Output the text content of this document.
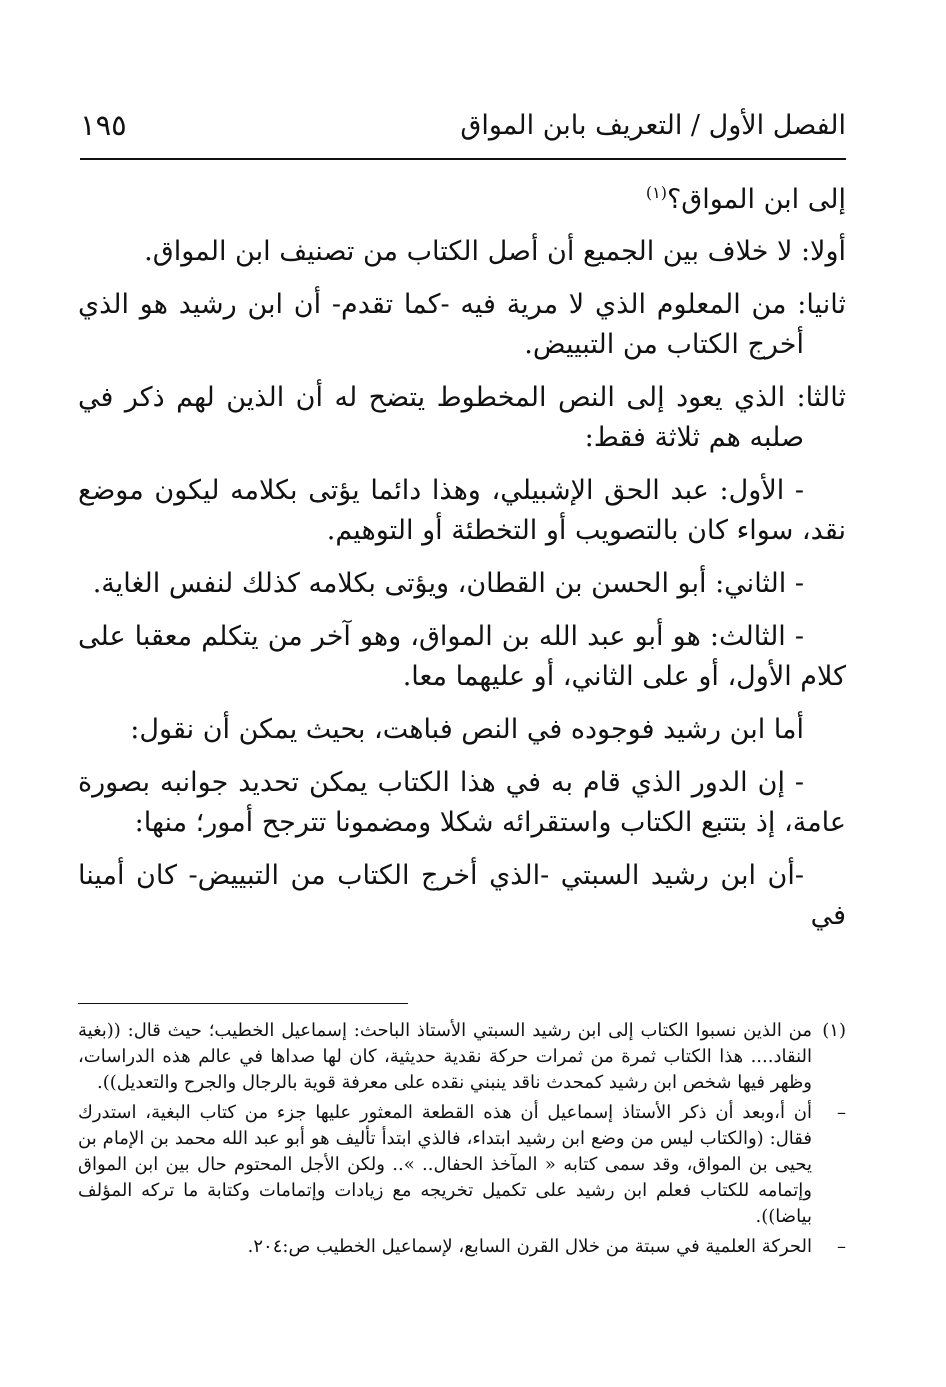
الفصل الأول / التعريف بابن المواق
١٩٥

إلى ابن المواق؟$^{(١)}$

أولا: لا خلاف بين الجميع أن أصل الكتاب من تصنيف ابن المواق.

ثانيا: من المعلوم الذي لا مرية فيه -كما تقدم- أن ابن رشيد هو الذي أخرج الكتاب من التبييض.

ثالثا: الذي يعود إلى النص المخطوط يتضح له أن الذين لهم ذكر في صلبه هم ثلاثة فقط:

- الأول: عبد الحق الإشبيلي، وهذا دائما يؤتى بكلامه ليكون موضع نقد، سواء كان بالتصويب أو التخطئة أو التوهيم.

- الثاني: أبو الحسن بن القطان، ويؤتى بكلامه كذلك لنفس الغاية.

- الثالث: هو أبو عبد الله بن المواق، وهو آخر من يتكلم معقبا على كلام الأول، أو على الثاني، أو عليهما معا.

أما ابن رشيد فوجوده في النص فباهت، بحيث يمكن أن نقول:

- إن الدور الذي قام به في هذا الكتاب يمكن تحديد جوانبه بصورة عامة، إذ بتتبع الكتاب واستقرائه شكلا ومضمونا تترجح أمور؛ منها:

-أن ابن رشيد السبتي -الذي أخرج الكتاب من التبييض- كان أمينا في

(١)
من الذين نسبوا الكتاب إلى ابن رشيد السبتي الأستاذ الباحث: إسماعيل الخطيب؛ حيث قال: ((بغية النقاد.... هذا الكتاب ثمرة من ثمرات حركة نقدية حديثية، كان لها صداها في عالم هذه الدراسات، وظهر فيها شخص ابن رشيد كمحدث ناقد ينبني نقده على معرفة قوية بالرجال والجرح والتعديل)).
–
أن أ،وبعد أن ذكر الأستاذ إسماعيل أن هذه القطعة المعثور عليها جزء من كتاب البغية، استدرك فقال: (والكتاب ليس من وضع ابن رشيد ابتداء، فالذي ابتدأ تأليف هو أبو عبد الله محمد بن الإمام بن يحيى بن المواق، وقد سمى كتابه « المآخذ الحفال.. ».. ولكن الأجل المحتوم حال بين ابن المواق وإتمامه للكتاب فعلم ابن رشيد على تكميل تخريجه مع زيادات وإتمامات وكتابة ما تركه المؤلف بياضا)).
–
الحركة العلمية في سبتة من خلال القرن السابع، لإسماعيل الخطيب ص:٢٠٤.
